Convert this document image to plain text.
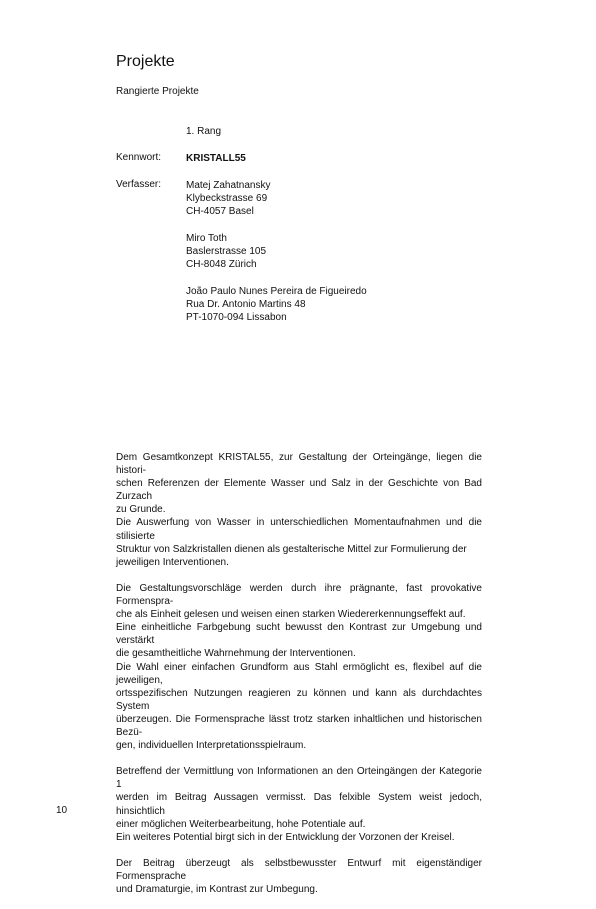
Projekte
Rangierte Projekte
1. Rang
Kennwort: KRISTALL55
Verfasser: Matej Zahatnansky
Klybeckstrasse 69
CH-4057 Basel
Miro Toth
Baslerstrasse 105
CH-8048 Zürich
João Paulo Nunes Pereira de Figueiredo
Rua Dr. Antonio Martins 48
PT-1070-094 Lissabon

Dem Gesamtkonzept KRISTAL55, zur Gestaltung der Orteingänge, liegen die histori-
schen Referenzen der Elemente Wasser und Salz in der Geschichte von Bad Zurzach
zu Grunde.
Die Auswerfung von Wasser in unterschiedlichen Momentaufnahmen und die stilisierte
Struktur von Salzkristallen dienen als gestalterische Mittel zur Formulierung der
jeweiligen Interventionen.

Die Gestaltungsvorschläge werden durch ihre prägnante, fast provokative Formenspra-
che als Einheit gelesen und weisen einen starken Wiedererkennungseffekt auf.
Eine einheitliche Farbgebung sucht bewusst den Kontrast zur Umgebung und verstärkt
die gesamtheitliche Wahrnehmung der Interventionen.
Die Wahl einer einfachen Grundform aus Stahl ermöglicht es, flexibel auf die jeweiligen,
ortsspezifischen Nutzungen reagieren zu können und kann als durchdachtes System
überzeugen. Die Formensprache lässt trotz starken inhaltlichen und historischen Bezü-
gen, individuellen Interpretationsspielraum.

Betreffend der Vermittlung von Informationen an den Orteingängen der Kategorie 1
werden im Beitrag Aussagen vermisst. Das felxible System weist jedoch, hinsichtlich
einer möglichen Weiterbearbeitung, hohe Potentiale auf.
Ein weiteres Potential birgt sich in der Entwicklung der Vorzonen der Kreisel.

Der Beitrag überzeugt als selbstbewusster Entwurf mit eigenständiger Formensprache
und Dramaturgie, im Kontrast zur Umbegung.

10
